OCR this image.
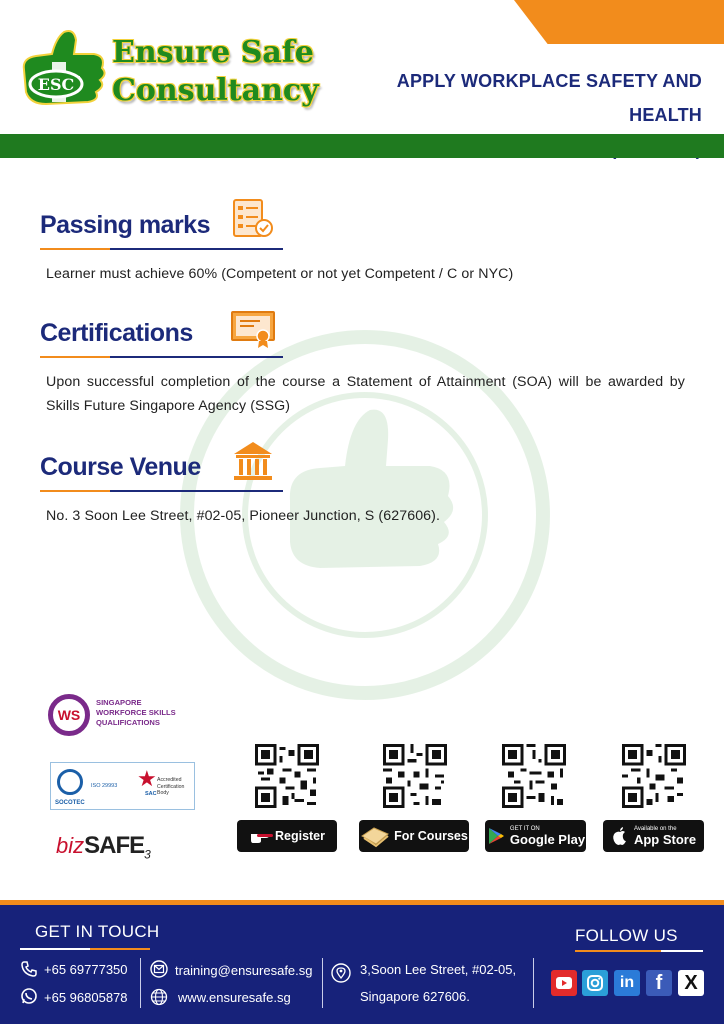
ESC
Ensure Safe
Consultancy	APPLY WORKPLACE SAFETY AND HEALTH
Passing marks
Learner must achieve 60% (Competent or not yet Competent / C or NYC)
Certifications
Upon successful completion of the course a Statement of Attainment (SOA) will be awarded by Skills Future Singapore Agency (SSG)
Course Venue
No. 3 Soon Lee Street, #02-05, Pioneer Junction, S (627606).
WS
SINGAPORE
WORKFORCE SKILLS
QUALIFICATIONS
SOCOTEC
ISO 29993 ★
SAC
Accredited
Certification
Body
bizSAFE$_3$
Register	For Courses
GET IT ON
Google Play
Available on the
App Store
GET IN TOUCH	FOLLOW US
+65 69777350
+65 96805878
training@ensuresafe.sg
www.ensuresafe.sg
3,Soon Lee Street, #02-05,
Singapore 627606.
in f X
